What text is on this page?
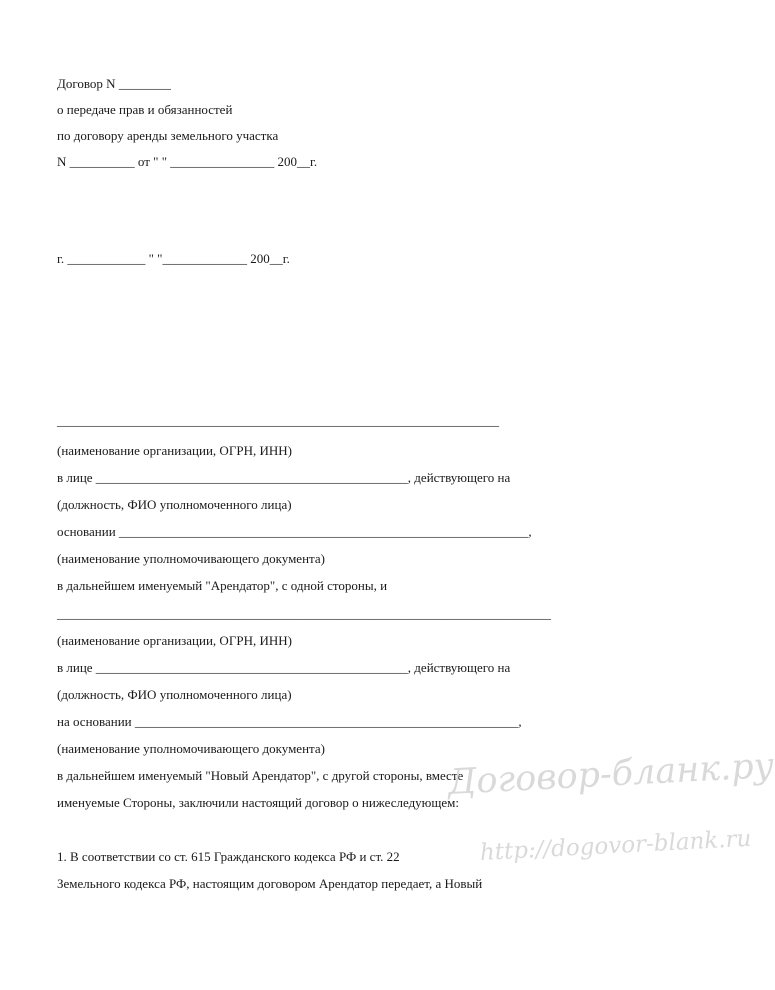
Договор N ________
о передаче прав и обязанностей
по договору аренды земельного участка
N __________ от " " ________________ 200__г.
г. ____________ " "_____________ 200__г.
____________________________________________________________________
(наименование организации, ОГРН, ИНН)
в лице ________________________________________________, действующего на
(должность, ФИО уполномоченного лица)
основании _______________________________________________________________,
(наименование уполномочивающего документа)
в дальнейшем именуемый "Арендатор", с одной стороны, и
____________________________________________________________________________
(наименование организации, ОГРН, ИНН)
в лице ________________________________________________, действующего на
(должность, ФИО уполномоченного лица)
на основании ___________________________________________________________,
(наименование уполномочивающего документа)
в дальнейшем именуемый "Новый Арендатор", с другой стороны, вместе
именуемые Стороны, заключили настоящий договор о нижеследующем:
1. В соответствии со ст. 615 Гражданского кодекса РФ и ст. 22
Земельного кодекса РФ, настоящим договором Арендатор передает, а Новый
Договор-бланк.ру
http://dogovor-blank.ru
